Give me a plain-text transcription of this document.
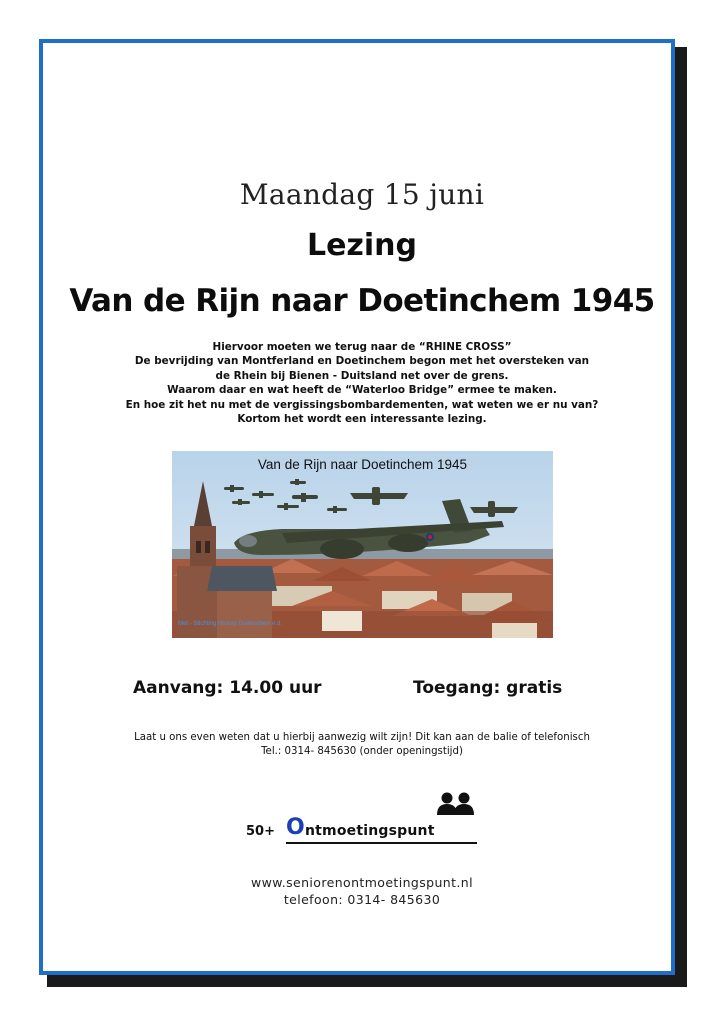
Maandag 15 juni
Lezing
Van de Rijn naar Doetinchem 1945
Hiervoor moeten we terug naar de “RHINE CROSS”
De bevrijding van Montferland en Doetinchem begon met het oversteken van
de Rhein bij Bienen - Duitsland net over de grens.
Waarom daar en wat heeft de “Waterloo Bridge” ermee te maken.
En hoe zit het nu met de vergissingsbombardementen, wat weten we er nu van?
Kortom het wordt een interessante lezing.
Van de Rijn naar Doetinchem 1945
Met - Stichting History Doetinchem e.d.
Aanvang: 14.00 uur	Toegang: gratis
Laat u ons even weten dat u hierbij aanwezig wilt zijn! Dit kan aan de balie of telefonisch
Tel.: 0314- 845630 (onder openingstijd)
50+ O ntmoetingspunt
www.seniorenontmoetingspunt.nl
telefoon: 0314- 845630
